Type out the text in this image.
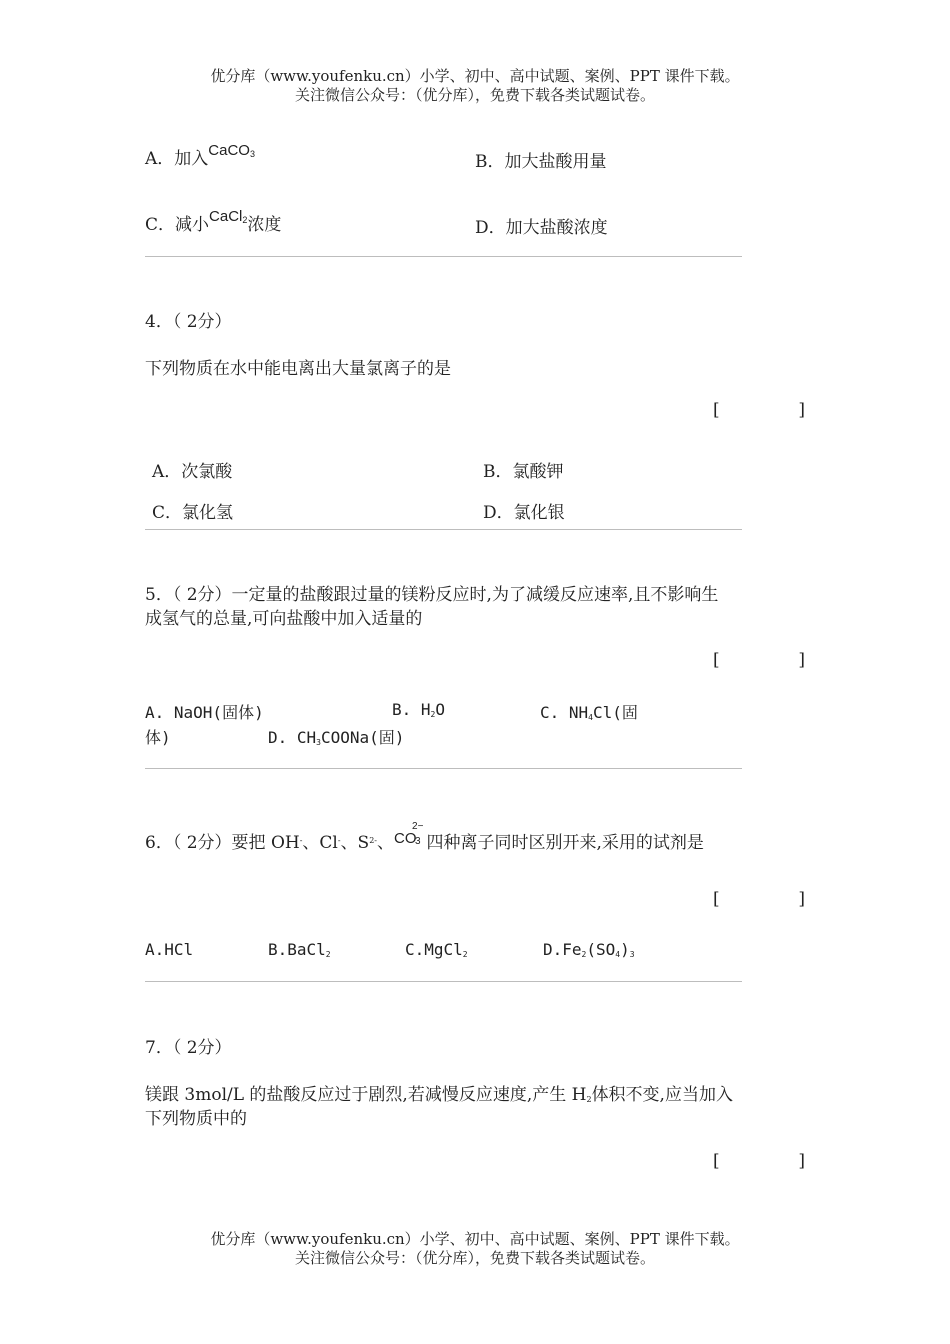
优分库（www.youfenku.cn）小学、初中、高中试题、案例、PPT 课件下载。
关注微信公众号：（优分库），免费下载各类试题试卷。
A．加入CaCO$_3$	B．加大盐酸用量
C．减小CaCl$_2$浓度	D．加大盐酸浓度
4．（ 2分）
下列物质在水中能电离出大量氯离子的是
[	]
A．次氯酸	B．氯酸钾
C．氯化氢	D．氯化银
5．（ 2分）一定量的盐酸跟过量的镁粉反应时,为了减缓反应速率,且不影响生
成氢气的总量,可向盐酸中加入适量的
[	]
A. NaOH(固体)	B. H2O	C. NH4Cl(固
体)	D. CH3COONa(固)
6．（ 2分）要把 OH-、Cl-、$S^{2-}$、CO
2−
3 四种离子同时区别开来,采用的试剂是
[	]
A.HCl	B.BaCl2	C.MgCl2	D.Fe2(SO4)3
7．（ 2分）
镁跟 3mol/L 的盐酸反应过于剧烈,若减慢反应速度,产生 H2体积不变,应当加入
下列物质中的
[	]
优分库（www.youfenku.cn）小学、初中、高中试题、案例、PPT 课件下载。
关注微信公众号：（优分库），免费下载各类试题试卷。
